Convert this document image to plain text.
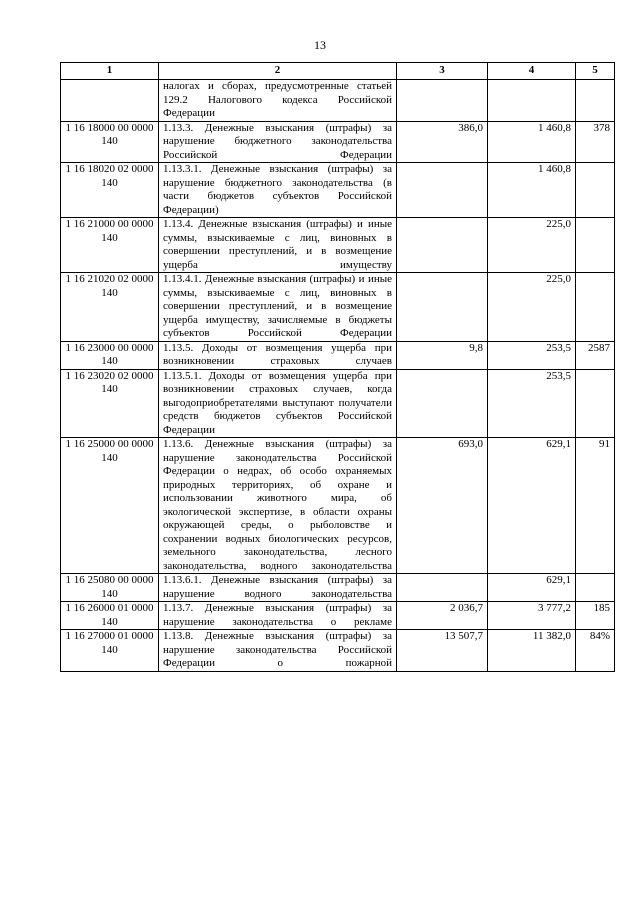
13
1	2	3	4	5
	налогах и сборах, предусмотренные статьей 129.2 Налогового кодекса Российской Федерации			
1 16 18000 00 0000 140	1.13.3. Денежные взыскания (штрафы) за нарушение бюджетного законодательства Российской Федерации	386,0	1 460,8	378
1 16 18020 02 0000 140	1.13.3.1. Денежные взыскания (штрафы) за нарушение бюджетного законодательства (в части бюджетов субъектов Российской Федерации)		1 460,8	
1 16 21000 00 0000 140	1.13.4. Денежные взыскания (штрафы) и иные суммы, взыскиваемые с лиц, виновных в совершении преступлений, и в возмещение ущерба имуществу		225,0	
1 16 21020 02 0000 140	1.13.4.1. Денежные взыскания (штрафы) и иные суммы, взыскиваемые с лиц, виновных в совершении преступлений, и в возмещение ущерба имуществу, зачисляемые в бюджеты субъектов Российской Федерации		225,0	
1 16 23000 00 0000 140	1.13.5. Доходы от возмещения ущерба при возникновении страховых случаев	9,8	253,5	2587
1 16 23020 02 0000 140	1.13.5.1. Доходы от возмещения ущерба при возникновении страховых случаев, когда выгодоприобретателями выступают получатели средств бюджетов субъектов Российской Федерации		253,5	
1 16 25000 00 0000 140	1.13.6. Денежные взыскания (штрафы) за нарушение законодательства Российской Федерации о недрах, об особо охраняемых природных территориях, об охране и использовании животного мира, об экологической экспертизе, в области охраны окружающей среды, о рыболовстве и сохранении водных биологических ресурсов, земельного законодательства, лесного законодательства, водного законодательства	693,0	629,1	91
1 16 25080 00 0000 140	1.13.6.1. Денежные взыскания (штрафы) за нарушение водного законодательства		629,1	
1 16 26000 01 0000 140	1.13.7. Денежные взыскания (штрафы) за нарушение законодательства о рекламе	2 036,7	3 777,2	185
1 16 27000 01 0000 140	1.13.8. Денежные взыскания (штрафы) за нарушение законодательства Российской Федерации о пожарной	13 507,7	11 382,0	84%
